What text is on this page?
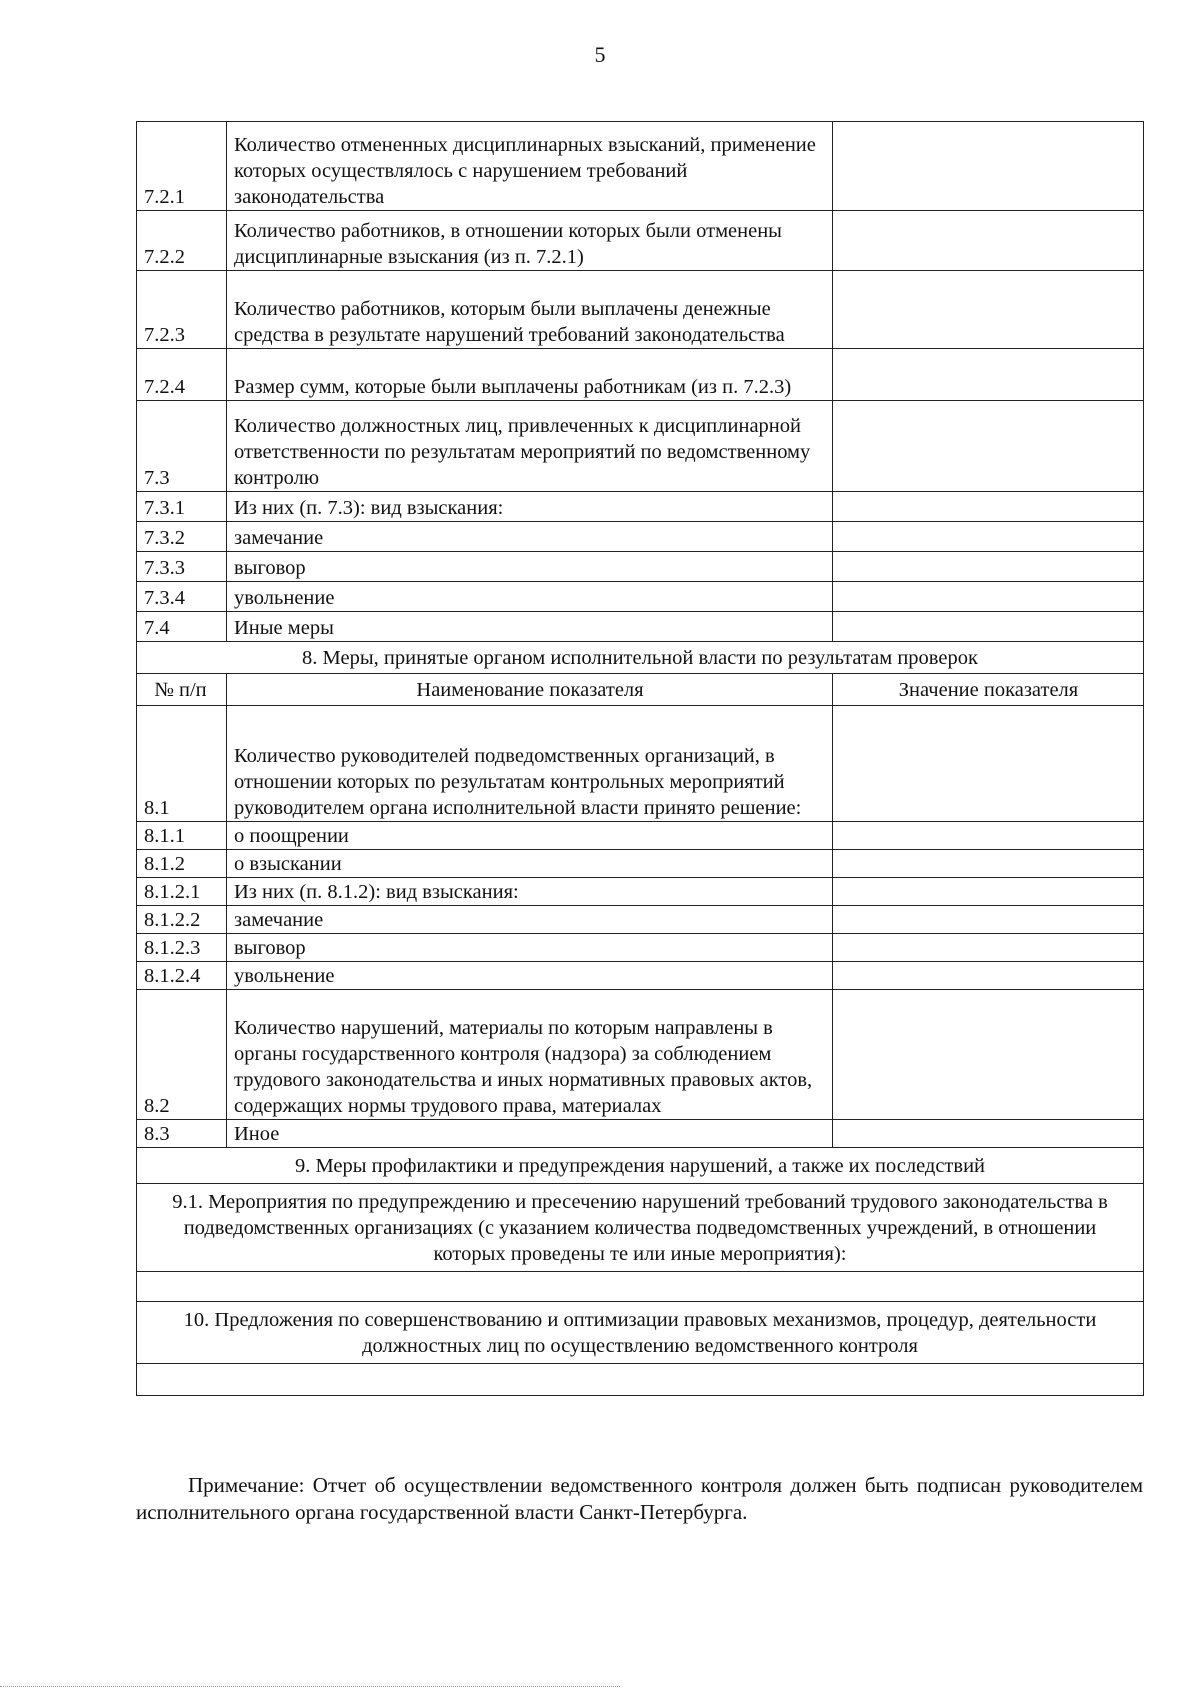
5
7.2.1	Количество отмененных дисциплинарных взысканий, применение которых осуществлялось с нарушением требований законодательства	
7.2.2	Количество работников, в отношении которых были отменены дисциплинарные взыскания (из п. 7.2.1)	
7.2.3	Количество работников, которым были выплачены денежные средства в результате нарушений требований законодательства	
7.2.4	Размер сумм, которые были выплачены работникам (из п. 7.2.3)	
7.3	Количество должностных лиц, привлеченных к дисциплинарной ответственности по результатам мероприятий по ведомственному контролю	
7.3.1	Из них (п. 7.3): вид взыскания:	
7.3.2	замечание	
7.3.3	выговор	
7.3.4	увольнение	
7.4	Иные меры	
8. Меры, принятые органом исполнительной власти по результатам проверок		
№ п/п	Наименование показателя	Значение показателя
8.1	Количество руководителей подведомственных организаций, в отношении которых по результатам контрольных мероприятий руководителем органа исполнительной власти принято решение:	
8.1.1	о поощрении	
8.1.2	о взыскании	
8.1.2.1	Из них (п. 8.1.2): вид взыскания:	
8.1.2.2	замечание	
8.1.2.3	выговор	
8.1.2.4	увольнение	
8.2	Количество нарушений, материалы по которым направлены в органы государственного контроля (надзора) за соблюдением трудового законодательства и иных нормативных правовых актов, содержащих нормы трудового права, материалах	
8.3	Иное	
9. Меры профилактики и предупреждения нарушений, а также их последствий		
9.1. Мероприятия по предупреждению и пресечению нарушений требований трудового законодательства в подведомственных организациях (с указанием количества подведомственных учреждений, в отношении которых проведены те или иные мероприятия):		

10. Предложения по совершенствованию и оптимизации правовых механизмов, процедур, деятельности должностных лиц по осуществлению ведомственного контроля		

Примечание: Отчет об осуществлении ведомственного контроля должен быть подписан руководителем исполнительного органа государственной власти Санкт-Петербурга.
